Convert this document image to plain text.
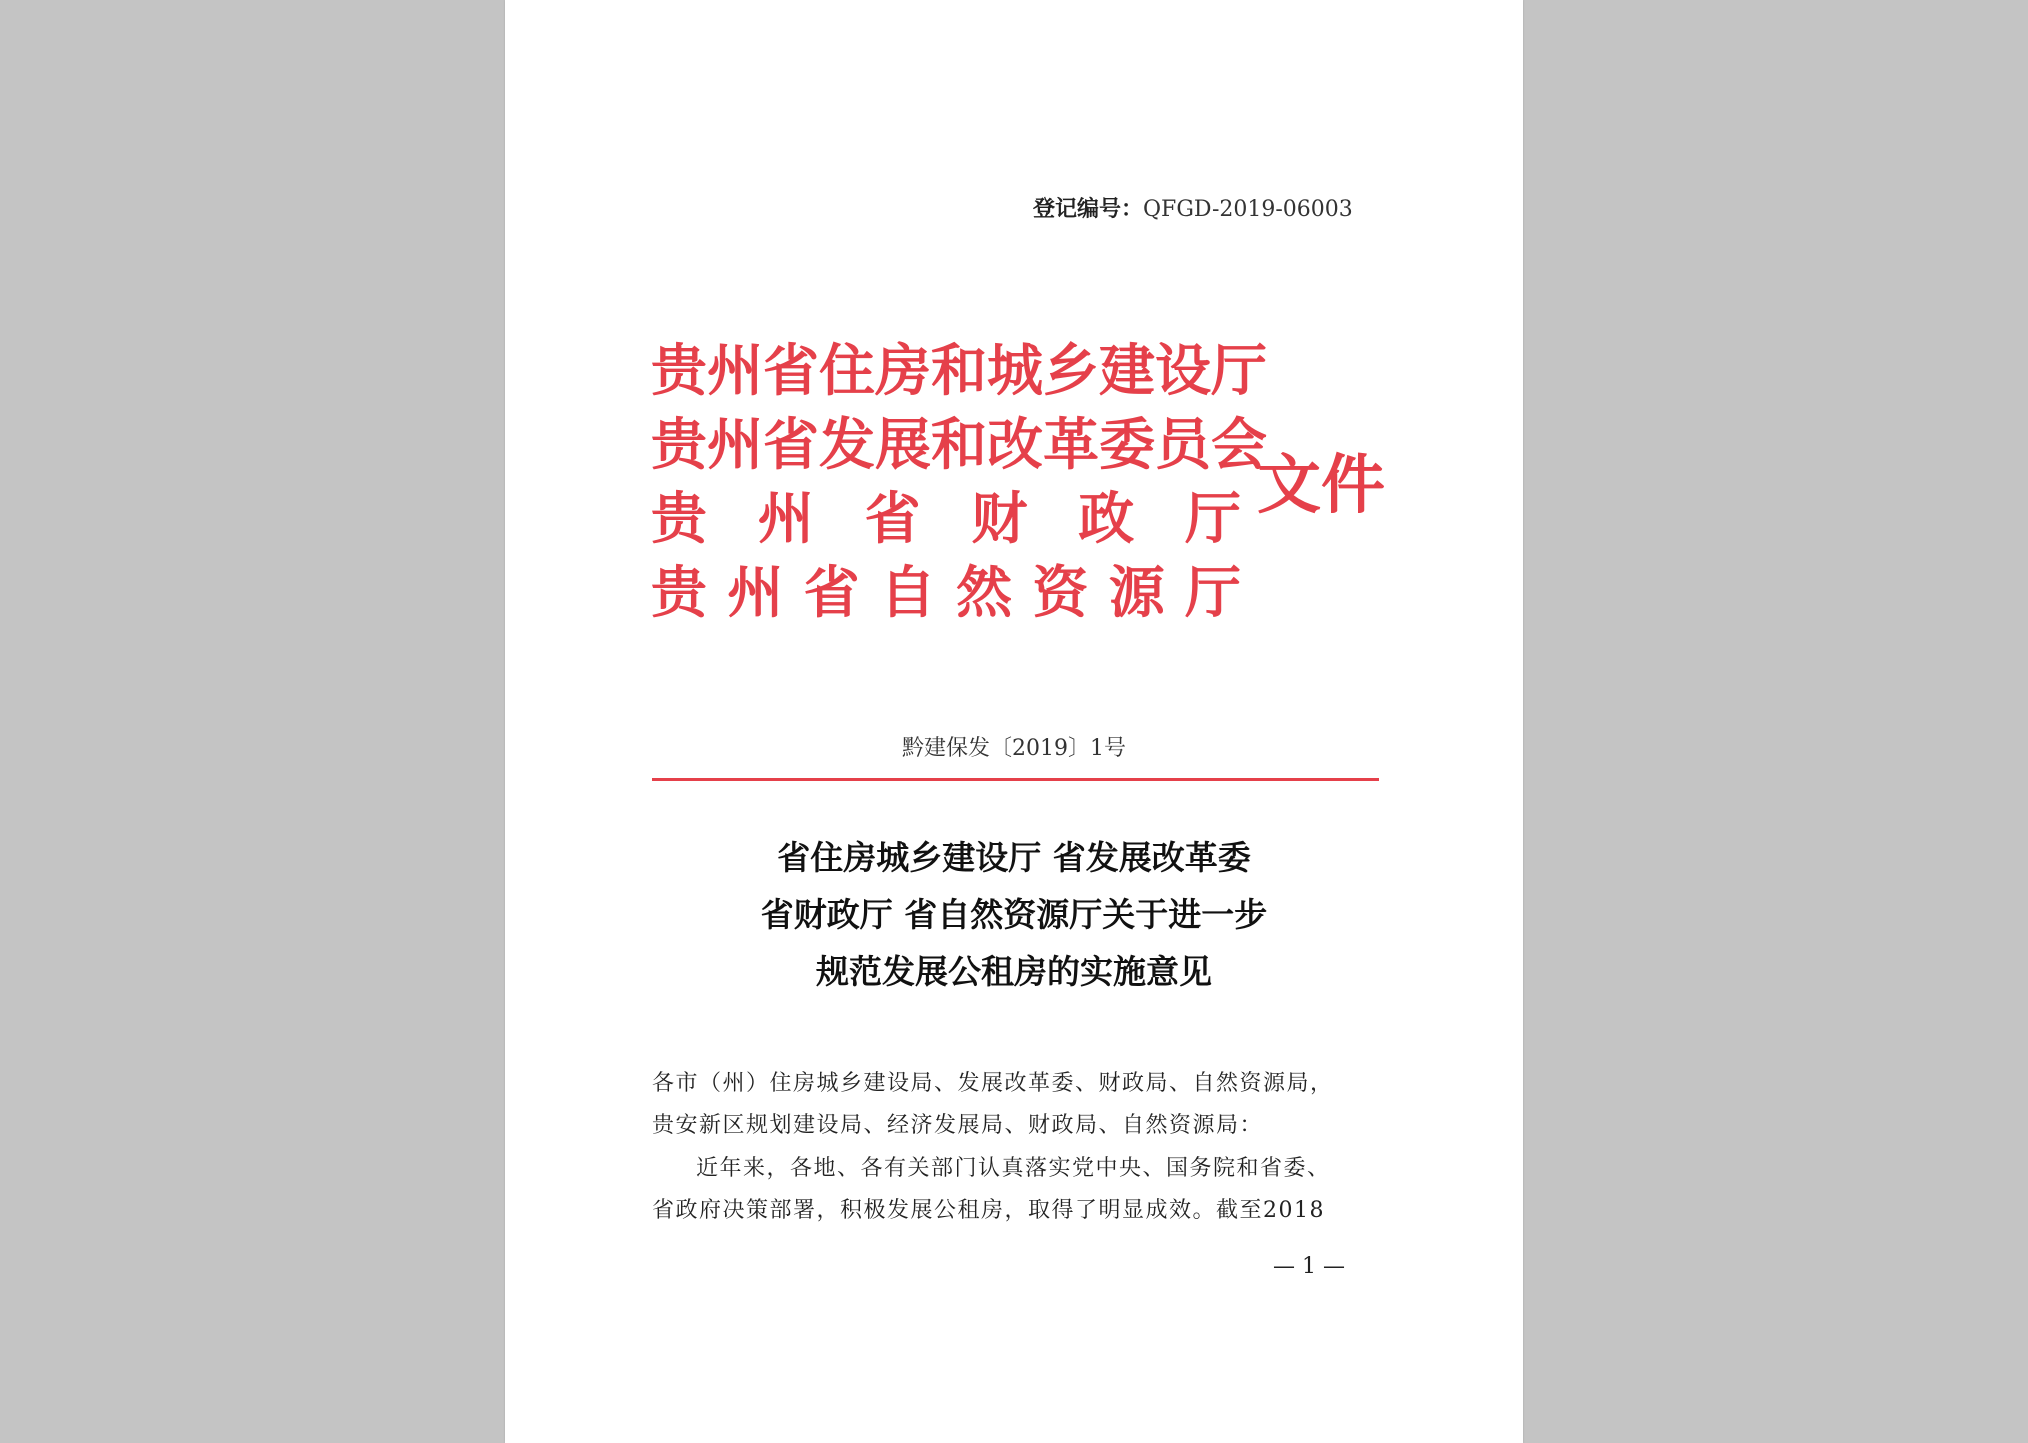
登记编号：QFGD-2019-06003
贵 州 省 住 房 和 城 乡 建 设 厅
贵 州 省 发 展 和 改 革 委 员 会
贵 州 省 财 政 厅
贵 州 省 自 然 资 源 厅
文件
黔建保发〔2019〕1号
省住房城乡建设厅 省发展改革委
省财政厅 省自然资源厅关于进一步
规范发展公租房的实施意见
各市（州）住房城乡建设局、发展改革委、财政局、自然资源局，
贵安新区规划建设局、经济发展局、财政局、自然资源局：
近年来，各地、各有关部门认真落实党中央、国务院和省委、
省政府决策部署，积极发展公租房，取得了明显成效。截至2018
— 1 —
